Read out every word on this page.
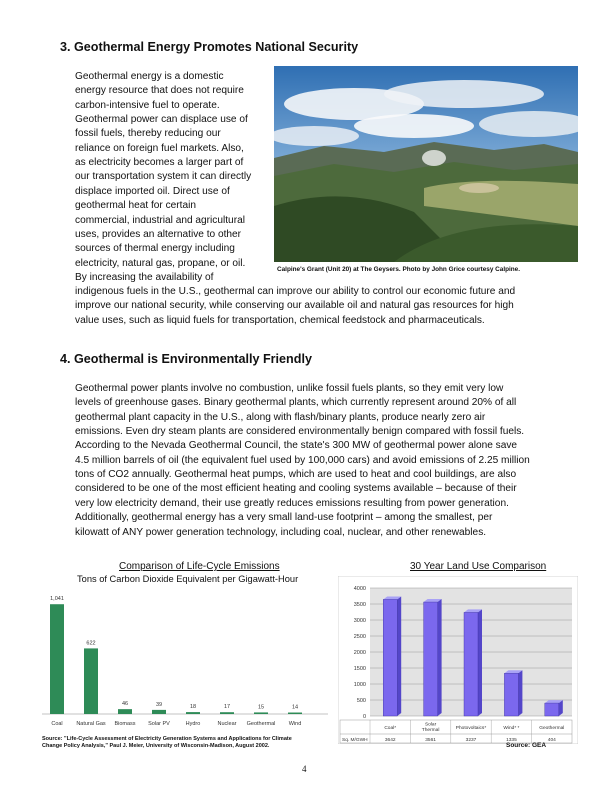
3. Geothermal Energy Promotes National Security
Geothermal energy is a domestic
energy resource that does not require
carbon-intensive fuel to operate.
Geothermal power can displace use of
fossil fuels, thereby reducing our
reliance on foreign fuel markets. Also,
as electricity becomes a larger part of
our transportation system it can directly
displace imported oil. Direct use of
geothermal heat for certain
commercial, industrial and agricultural
uses, provides an alternative to other
sources of thermal energy including
electricity, natural gas, propane, or oil.
By increasing the availability of
indigenous fuels in the U.S., geothermal can improve our ability to control our economic future and
improve our national security, while conserving our available oil and natural gas resources for high
value uses, such as liquid fuels for transportation, chemical feedstock and pharmaceuticals.
Calpine's Grant (Unit 20) at The Geysers. Photo by John Grice courtesy Calpine.
4. Geothermal is Environmentally Friendly
Geothermal power plants involve no combustion, unlike fossil fuels plants, so they emit very low
levels of greenhouse gases. Binary geothermal plants, which currently represent around 20% of all
geothermal plant capacity in the U.S., along with flash/binary plants, produce nearly zero air
emissions. Even dry steam plants are considered environmentally benign compared with fossil fuels.
According to the Nevada Geothermal Council, the state's 300 MW of geothermal power alone save
4.5 million barrels of oil (the equivalent fuel used by 100,000 cars) and avoid emissions of 2.25 million
tons of CO2 annually. Geothermal heat pumps, which are used to heat and cool buildings, are also
considered to be one of the most efficient heating and cooling systems available – because of their
very low electricity demand, their use greatly reduces emissions resulting from power generation.
Additionally, geothermal energy has a very small land-use footprint – among the smallest, per
kilowatt of ANY power generation technology, including coal, nuclear, and other renewables.
Comparison of Life-Cycle Emissions
Tons of Carbon Dioxide Equivalent per Gigawatt-Hour
1,041
Coal
622
Natural Gas
46
Biomass
39
Solar PV
18
Hydro
17
Nuclear
15
Geothermal
14
Wind
Source: "Life-Cycle Assessment of Electricity Generation Systems and Applications for Climate
Change Policy Analysis," Paul J. Meier, University of Wisconsin-Madison, August 2002.
30 Year Land Use Comparison
0
500
1000
1500
2000
2500
3000
3500
4000
Sq. M/GWH
Coal*
3642
Solar
Thermal
3561
Photovoltaics*
3237
Wind* *
1335
Geothermal
404
Source: GEA
4
